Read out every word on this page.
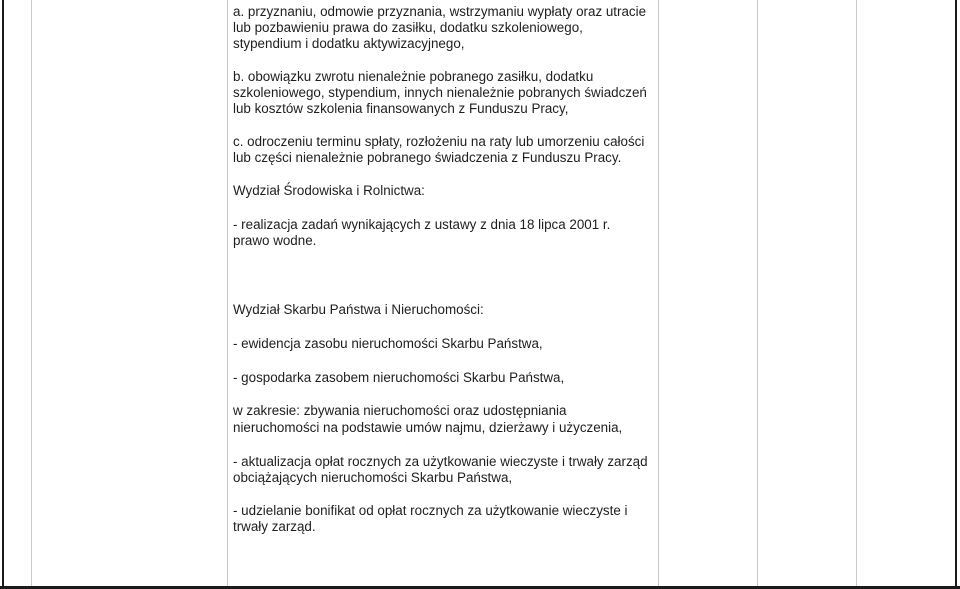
a. przyznaniu, odmowie przyznania, wstrzymaniu wypłaty oraz utracie

lub pozbawieniu prawa do zasiłku, dodatku szkoleniowego,

stypendium i dodatku aktywizacyjnego,

b. obowiązku zwrotu nienależnie pobranego zasiłku, dodatku

szkoleniowego, stypendium, innych nienależnie pobranych świadczeń

lub kosztów szkolenia finansowanych z Funduszu Pracy,

c. odroczeniu terminu spłaty, rozłożeniu na raty lub umorzeniu całości

lub części nienależnie pobranego świadczenia z Funduszu Pracy.

Wydział Środowiska i Rolnictwa:

- realizacja zadań wynikających z ustawy z dnia 18 lipca 2001 r.

prawo wodne.

Wydział Skarbu Państwa i Nieruchomości:

- ewidencja zasobu nieruchomości Skarbu Państwa,

- gospodarka zasobem nieruchomości Skarbu Państwa,

w zakresie: zbywania nieruchomości oraz udostępniania

nieruchomości na podstawie umów najmu, dzierżawy i użyczenia,

- aktualizacja opłat rocznych za użytkowanie wieczyste i trwały zarząd

obciążających nieruchomości Skarbu Państwa,

- udzielanie bonifikat od opłat rocznych za użytkowanie wieczyste i

trwały zarząd.
